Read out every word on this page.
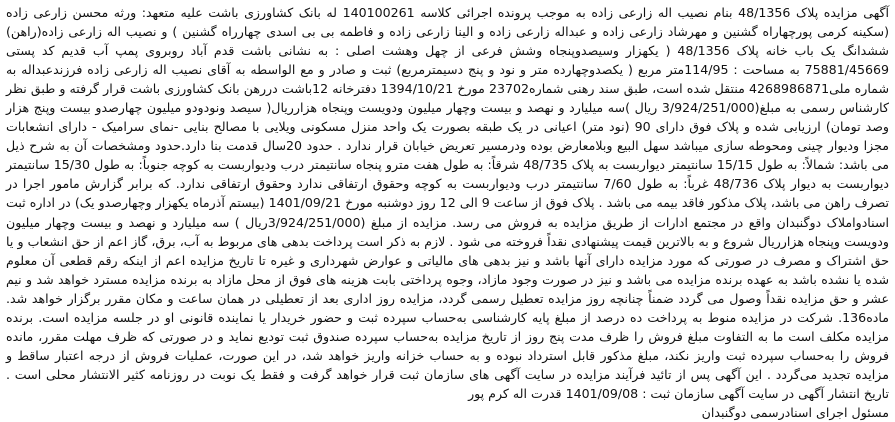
آگهی مزایده پلاک 48/1356 بنام نصیب اله زارعی زاده به موجب پرونده اجرائی کلاسه 140100261 له بانک کشاورزی باشت علیه متعهد: ورثه محسن زارعی زاده (سکینه کرمی پورچهاراه گشنین و مهرشاد زارعی زاده و عبداله زارعی زاده و الینا زارعی زاده و فاطمه بی بی اسدی چهارراه گشنین ) و نصیب اله زارعی زاده(راهن) ششدانگ یک باب خانه پلاک 48/1356 ( یکهزار وسیصدوپنجاه وشش فرعی از چهل وهشت اصلی : به نشانی باشت قدم آباد روبروی پمپ آب قدیم کد پستی 75881/45669 به مساحت : 114/95متر مربع ( یکصدوچهارده متر و نود و پنج دسیمترمربع) ثبت و صادر و مع الواسطه به آقای نصیب اله زارعی زاده فرزندعبداله به شماره ملی4268986871 منتقل شده است، طبق سند رهنی شماره23702 مورخ 1394/10/21 دفترخانه 12باشت دررهن بانک کشاورزی باشت قرار گرفته و طبق نظر کارشناس رسمی به مبلغ(3/924/251/000 ریال )سه میلیارد و نهصد و بیست وچهار میلیون ودویست وپنجاه هزارریال( سیصد ونودودو میلیون چهارصدو بیست وپنج هزار وصد تومان) ارزیابی شده و پلاک فوق دارای 90 (نود متر) اعیانی در یک طبقه بصورت یک واحد منزل مسکونی ویلایی با مصالح بنایی -نمای سرامیک - دارای انشعابات مجزا ودیوار چینی ومحوطه سازی میباشد سهل البیع وبلامعارض بوده ودرمسیر تعریض خیابان قرار ندارد . حدود 20سال قدمت بنا دارد.حدود ومشخصات آن به شرح ذیل می باشد: شمالاً: به طول 15/15 سانتیمتر دیواربست به پلاک 48/735 شرقاً: به طول هفت مترو پنجاه سانتیمتر درب ودیواربست به کوچه جنوباً: به طول 15/30 سانتیمتر دیواربست به دیوار پلاک 48/736 غرباً: به طول 7/60 سانتیمتر درب ودیواربست به کوچه وحقوق ارتفاقی ندارد وحقوق ارتفاقی ندارد. که برابر گزارش مامور اجرا در تصرف راهن می باشد، پلاک مذکور فاقد بیمه می باشد . پلاک فوق از ساعت 9 الی 12 روز دوشنبه مورخ 1401/09/21 (بیستم آذرماه یکهزار وچهارصدو یک) در اداره ثبت اسنادواملاک دوگنبدان واقع در مجتمع ادارات از طریق مزایده به فروش می رسد. مزایده از مبلغ (3/924/251/000ریال ) سه میلیارد و نهصد و بیست وچهار میلیون ودویست وپنجاه هزارریال شروع و به بالاترین قیمت پیشنهادی نقداً فروخته می شود . لازم به ذکر است پرداخت بدهی های مربوط به آب، برق، گاز اعم از حق انشعاب و یا حق اشتراک و مصرف در صورتی که مورد مزایده دارای آنها باشد و نیز بدهی های مالیاتی و عوارض شهرداری و غیره تا تاریخ مزایده اعم از اینکه رقم قطعی آن معلوم شده یا نشده باشد به عهده برنده مزایده می باشد و نیز در صورت وجود مازاد، وجوه پرداختی بابت هزینه های فوق از محل مازاد به برنده مزایده مسترد خواهد شد و نیم عشر و حق مزایده نقداً وصول می گردد ضمناً چنانچه روز مزایده تعطیل رسمی گردد، مزایده روز اداری بعد از تعطیلی در همان ساعت و مکان مقرر برگزار خواهد شد. ماده136. شرکت در مزایده منوط به پرداخت ده درصد از مبلغ پایه کارشناسی به‌حساب سپرده ثبت و حضور خریدار یا نماینده قانونی او در جلسه مزایده است. برنده مزایده مکلف است ما به التفاوت مبلغ فروش را ظرف مدت پنج روز از تاریخ مزایده به‌حساب سپرده صندوق ثبت تودیع نماید و در صورتی که ظرف مهلت مقرر، مانده فروش را به‌حساب سپرده ثبت واریز نکند، مبلغ مذکور قابل استرداد نبوده و به حساب خزانه واریز خواهد شد، در این صورت، عملیات فروش از درجه اعتبار ساقط و مزایده تجدید می‌گردد . این آگهی پس از تائید فرآیند مزایده در سایت آگهی های سازمان ثبت قرار خواهد گرفت و فقط یک نوبت در روزنامه کثیر الانتشار محلی است . تاریخ انتشار آگهی در سایت آگهی سازمان ثبت : 1401/09/08 قدرت اله کرم پور

مسئول اجرای اسنادرسمی دوگنبدان
